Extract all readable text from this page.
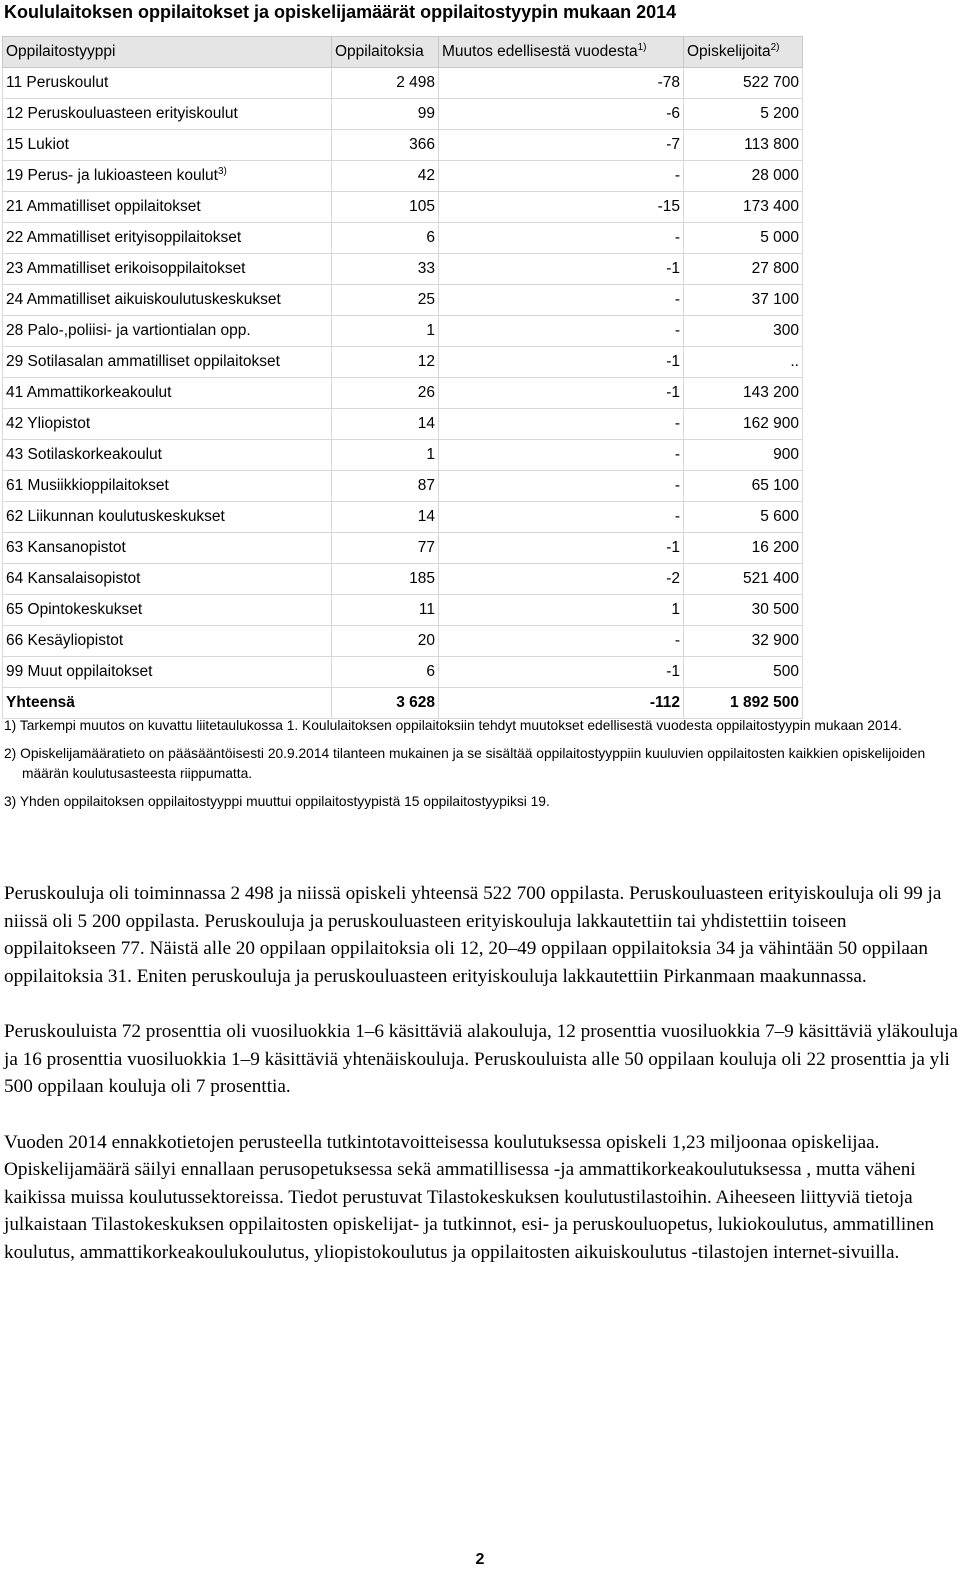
Koululaitoksen oppilaitokset ja opiskelijamäärät oppilaitostyypin mukaan 2014
Oppilaitostyyppi	Oppilaitoksia	Muutos edellisestä vuodesta$^{1)}$	Opiskelijoita$^{2)}$
11 Peruskoulut	2 498	-78	522 700
12 Peruskouluasteen erityiskoulut	99	-6	5 200
15 Lukiot	366	-7	113 800
19 Perus- ja lukioasteen koulut$^{3)}$	42	-	28 000
21 Ammatilliset oppilaitokset	105	-15	173 400
22 Ammatilliset erityisoppilaitokset	6	-	5 000
23 Ammatilliset erikoisoppilaitokset	33	-1	27 800
24 Ammatilliset aikuiskoulutuskeskukset	25	-	37 100
28 Palo-,poliisi- ja vartiontialan opp.	1	-	300
29 Sotilasalan ammatilliset oppilaitokset	12	-1	..
41 Ammattikorkeakoulut	26	-1	143 200
42 Yliopistot	14	-	162 900
43 Sotilaskorkeakoulut	1	-	900
61 Musiikkioppilaitokset	87	-	65 100
62 Liikunnan koulutuskeskukset	14	-	5 600
63 Kansanopistot	77	-1	16 200
64 Kansalaisopistot	185	-2	521 400
65 Opintokeskukset	11	1	30 500
66 Kesäyliopistot	20	-	32 900
99 Muut oppilaitokset	6	-1	500
Yhteensä	3 628	-112	1 892 500

1) Tarkempi muutos on kuvattu liitetaulukossa 1. Koululaitoksen oppilaitoksiin tehdyt muutokset edellisestä vuodesta oppilaitostyypin mukaan 2014.

2) Opiskelijamääratieto on pääsääntöisesti 20.9.2014 tilanteen mukainen ja se sisältää oppilaitostyyppiin kuuluvien oppilaitosten kaikkien opiskelijoiden määrän koulutusasteesta riippumatta.

3) Yhden oppilaitoksen oppilaitostyyppi muuttui oppilaitostyypistä 15 oppilaitostyypiksi 19.

Peruskouluja oli toiminnassa 2 498 ja niissä opiskeli yhteensä 522 700 oppilasta. Peruskouluasteen erityiskouluja oli 99 ja niissä oli 5 200 oppilasta. Peruskouluja ja peruskouluasteen erityiskouluja lakkautettiin tai yhdistettiin toiseen oppilaitokseen 77. Näistä alle 20 oppilaan oppilaitoksia oli 12, 20–49 oppilaan oppilaitoksia 34 ja vähintään 50 oppilaan oppilaitoksia 31. Eniten peruskouluja ja peruskouluasteen erityiskouluja lakkautettiin Pirkanmaan maakunnassa.

Peruskouluista 72 prosenttia oli vuosiluokkia 1–6 käsittäviä alakouluja, 12 prosenttia vuosiluokkia 7–9 käsittäviä yläkouluja ja 16 prosenttia vuosiluokkia 1–9 käsittäviä yhtenäiskouluja. Peruskouluista alle 50 oppilaan kouluja oli 22 prosenttia ja yli 500 oppilaan kouluja oli 7 prosenttia.

Vuoden 2014 ennakkotietojen perusteella tutkintotavoitteisessa koulutuksessa opiskeli 1,23 miljoonaa opiskelijaa. Opiskelijamäärä säilyi ennallaan perusopetuksessa sekä ammatillisessa -ja ammattikorkeakoulutuksessa , mutta väheni kaikissa muissa koulutussektoreissa. Tiedot perustuvat Tilastokeskuksen koulutustilastoihin. Aiheeseen liittyviä tietoja julkaistaan Tilastokeskuksen oppilaitosten opiskelijat- ja tutkinnot, esi- ja peruskouluopetus, lukiokoulutus, ammatillinen koulutus, ammattikorkeakoulukoulutus, yliopistokoulutus ja oppilaitosten aikuiskoulutus -tilastojen internet-sivuilla.

2
